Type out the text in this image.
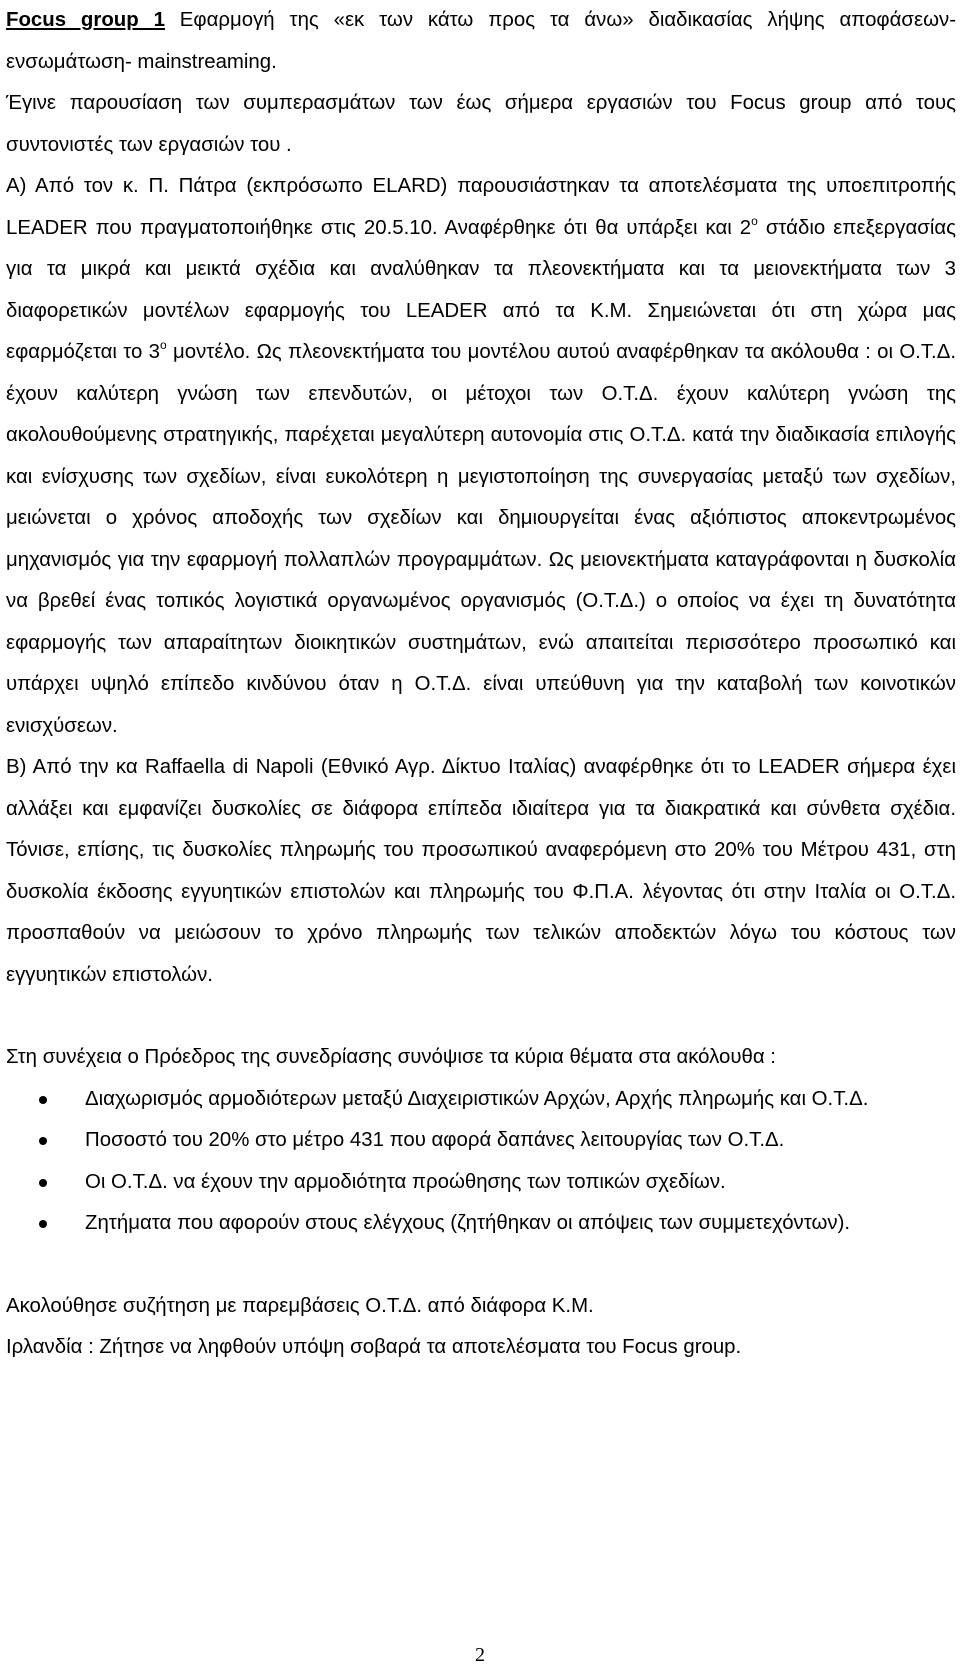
Focus group 1 Εφαρμογή της «εκ των κάτω προς τα άνω» διαδικασίας λήψης αποφάσεων-ενσωμάτωση- mainstreaming.

Έγινε παρουσίαση των συμπερασμάτων των έως σήμερα εργασιών του Focus group από τους συντονιστές των εργασιών του .

Α) Από τον κ. Π. Πάτρα (εκπρόσωπο ELARD) παρουσιάστηκαν τα αποτελέσματα της υποεπιτροπής LEADER που πραγματοποιήθηκε στις 20.5.10. Αναφέρθηκε ότι θα υπάρξει και $2^o$ στάδιο επεξεργασίας για τα μικρά και μεικτά σχέδια και αναλύθηκαν τα πλεονεκτήματα και τα μειονεκτήματα των 3 διαφορετικών μοντέλων εφαρμογής του LEADER από τα Κ.Μ. Σημειώνεται ότι στη χώρα μας εφαρμόζεται το $3^o$ μοντέλο. Ως πλεονεκτήματα του μοντέλου αυτού αναφέρθηκαν τα ακόλουθα : οι Ο.Τ.Δ. έχουν καλύτερη γνώση των επενδυτών, οι μέτοχοι των Ο.Τ.Δ. έχουν καλύτερη γνώση της ακολουθούμενης στρατηγικής, παρέχεται μεγαλύτερη αυτονομία στις Ο.Τ.Δ. κατά την διαδικασία επιλογής και ενίσχυσης των σχεδίων, είναι ευκολότερη η μεγιστοποίηση της συνεργασίας μεταξύ των σχεδίων, μειώνεται ο χρόνος αποδοχής των σχεδίων και δημιουργείται ένας αξιόπιστος αποκεντρωμένος μηχανισμός για την εφαρμογή πολλαπλών προγραμμάτων. Ως μειονεκτήματα καταγράφονται η δυσκολία να βρεθεί ένας τοπικός λογιστικά οργανωμένος οργανισμός (Ο.Τ.Δ.) ο οποίος να έχει τη δυνατότητα εφαρμογής των απαραίτητων διοικητικών συστημάτων, ενώ απαιτείται περισσότερο προσωπικό και υπάρχει υψηλό επίπεδο κινδύνου όταν η Ο.Τ.Δ. είναι υπεύθυνη για την καταβολή των κοινοτικών ενισχύσεων.

Β) Από την κα Raffaella di Napoli (Εθνικό Αγρ. Δίκτυο Ιταλίας) αναφέρθηκε ότι το LEADER σήμερα έχει αλλάξει και εμφανίζει δυσκολίες σε διάφορα επίπεδα ιδιαίτερα για τα διακρατικά και σύνθετα σχέδια. Τόνισε, επίσης, τις δυσκολίες πληρωμής του προσωπικού αναφερόμενη στο 20% του Μέτρου 431, στη δυσκολία έκδοσης εγγυητικών επιστολών και πληρωμής του Φ.Π.Α. λέγοντας ότι στην Ιταλία οι Ο.Τ.Δ. προσπαθούν να μειώσουν το χρόνο πληρωμής των τελικών αποδεκτών λόγω του κόστους των εγγυητικών επιστολών.

Στη συνέχεια ο Πρόεδρος της συνεδρίασης συνόψισε τα κύρια θέματα στα ακόλουθα :

Διαχωρισμός αρμοδιότερων μεταξύ Διαχειριστικών Αρχών, Αρχής πληρωμής και Ο.Τ.Δ.
Ποσοστό του 20% στο μέτρο 431 που αφορά δαπάνες λειτουργίας των Ο.Τ.Δ.
Οι Ο.Τ.Δ. να έχουν την αρμοδιότητα προώθησης των τοπικών σχεδίων.
Ζητήματα που αφορούν στους ελέγχους (ζητήθηκαν οι απόψεις των συμμετεχόντων).

Ακολούθησε συζήτηση με παρεμβάσεις Ο.Τ.Δ. από διάφορα Κ.Μ.

Ιρλανδία : Ζήτησε να ληφθούν υπόψη σοβαρά τα αποτελέσματα του Focus group.

2
